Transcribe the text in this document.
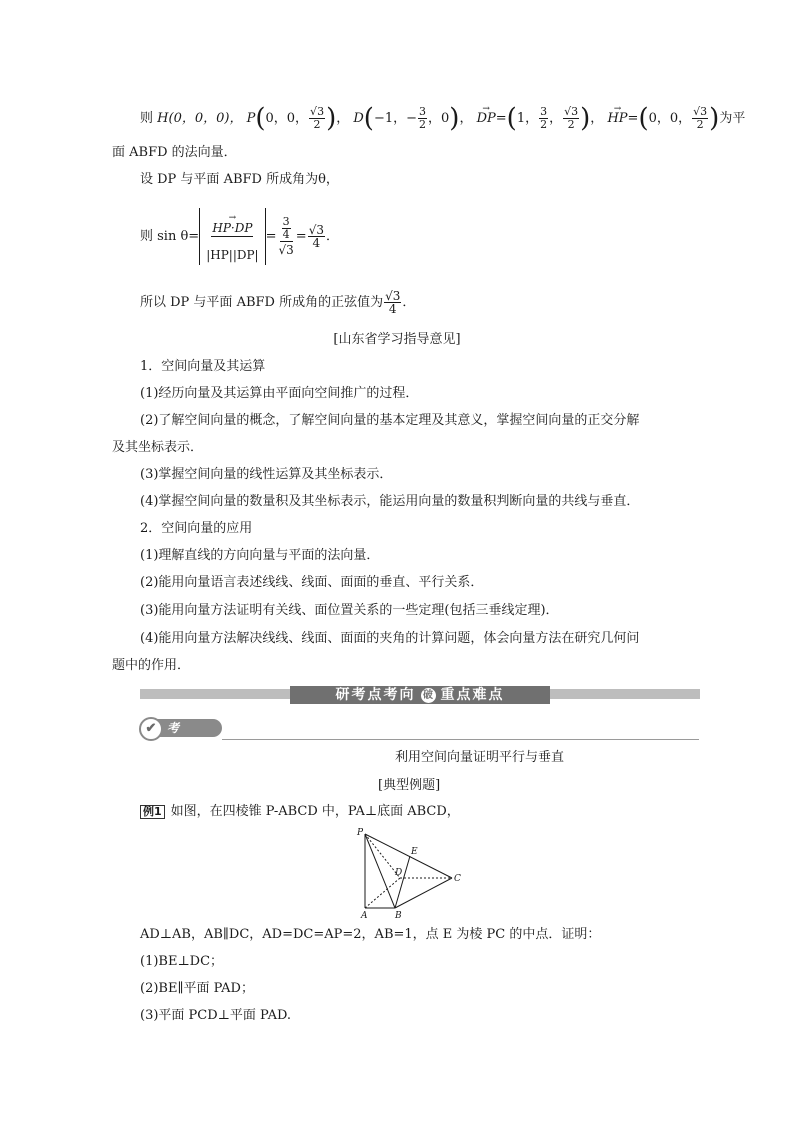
则 H(0，0，0)， P(0，0， $\frac{√3}{2}$ )， D(−1，− $\frac{3}{2}$ ，0)， → DP=(1， $\frac{3}{2}$ ， $\frac{√3}{2}$ )， → HP=(0，0， $\frac{√3}{2}$ )为平
面 ABFD 的法向量．
设 DP 与平面 ABFD 所成角为θ，
则 sin θ=
→ $\frac{HP\cdot DP}{|HP||DP|} = \frac{\frac{3}{4}}{√3} = \frac{√3}{4}$ ．
所以 DP 与平面 ABFD 所成角的正弦值为 $\frac{√3}{4}$ ．
[山东省学习指导意见]
1．空间向量及其运算
(1)经历向量及其运算由平面向空间推广的过程．
(2)了解空间向量的概念，了解空间向量的基本定理及其意义，掌握空间向量的正交分解
及其坐标表示．
(3)掌握空间向量的线性运算及其坐标表示．
(4)掌握空间向量的数量积及其坐标表示，能运用向量的数量积判断向量的共线与垂直．
2．空间向量的应用
(1)理解直线的方向向量与平面的法向量．
(2)能用向量语言表述线线、线面、面面的垂直、平行关系．
(3)能用向量方法证明有关线、面位置关系的一些定理(包括三垂线定理)．
(4)能用向量方法解决线线、线面、面面的夹角的计算问题，体会向量方法在研究几何问
题中的作用．
研考点考向 破 重点难点
✔ 考点 1	利用空间向量证明平行与垂直
[典型例题]
例1 如图，在四棱锥 P-ABCD 中，PA⊥底面 ABCD，
P
E
D
C
A	B
AD⊥AB，AB∥DC，AD=DC=AP=2，AB=1，点 E 为棱 PC 的中点．证明：
(1)BE⊥DC；
(2)BE∥平面 PAD；
(3)平面 PCD⊥平面 PAD.
